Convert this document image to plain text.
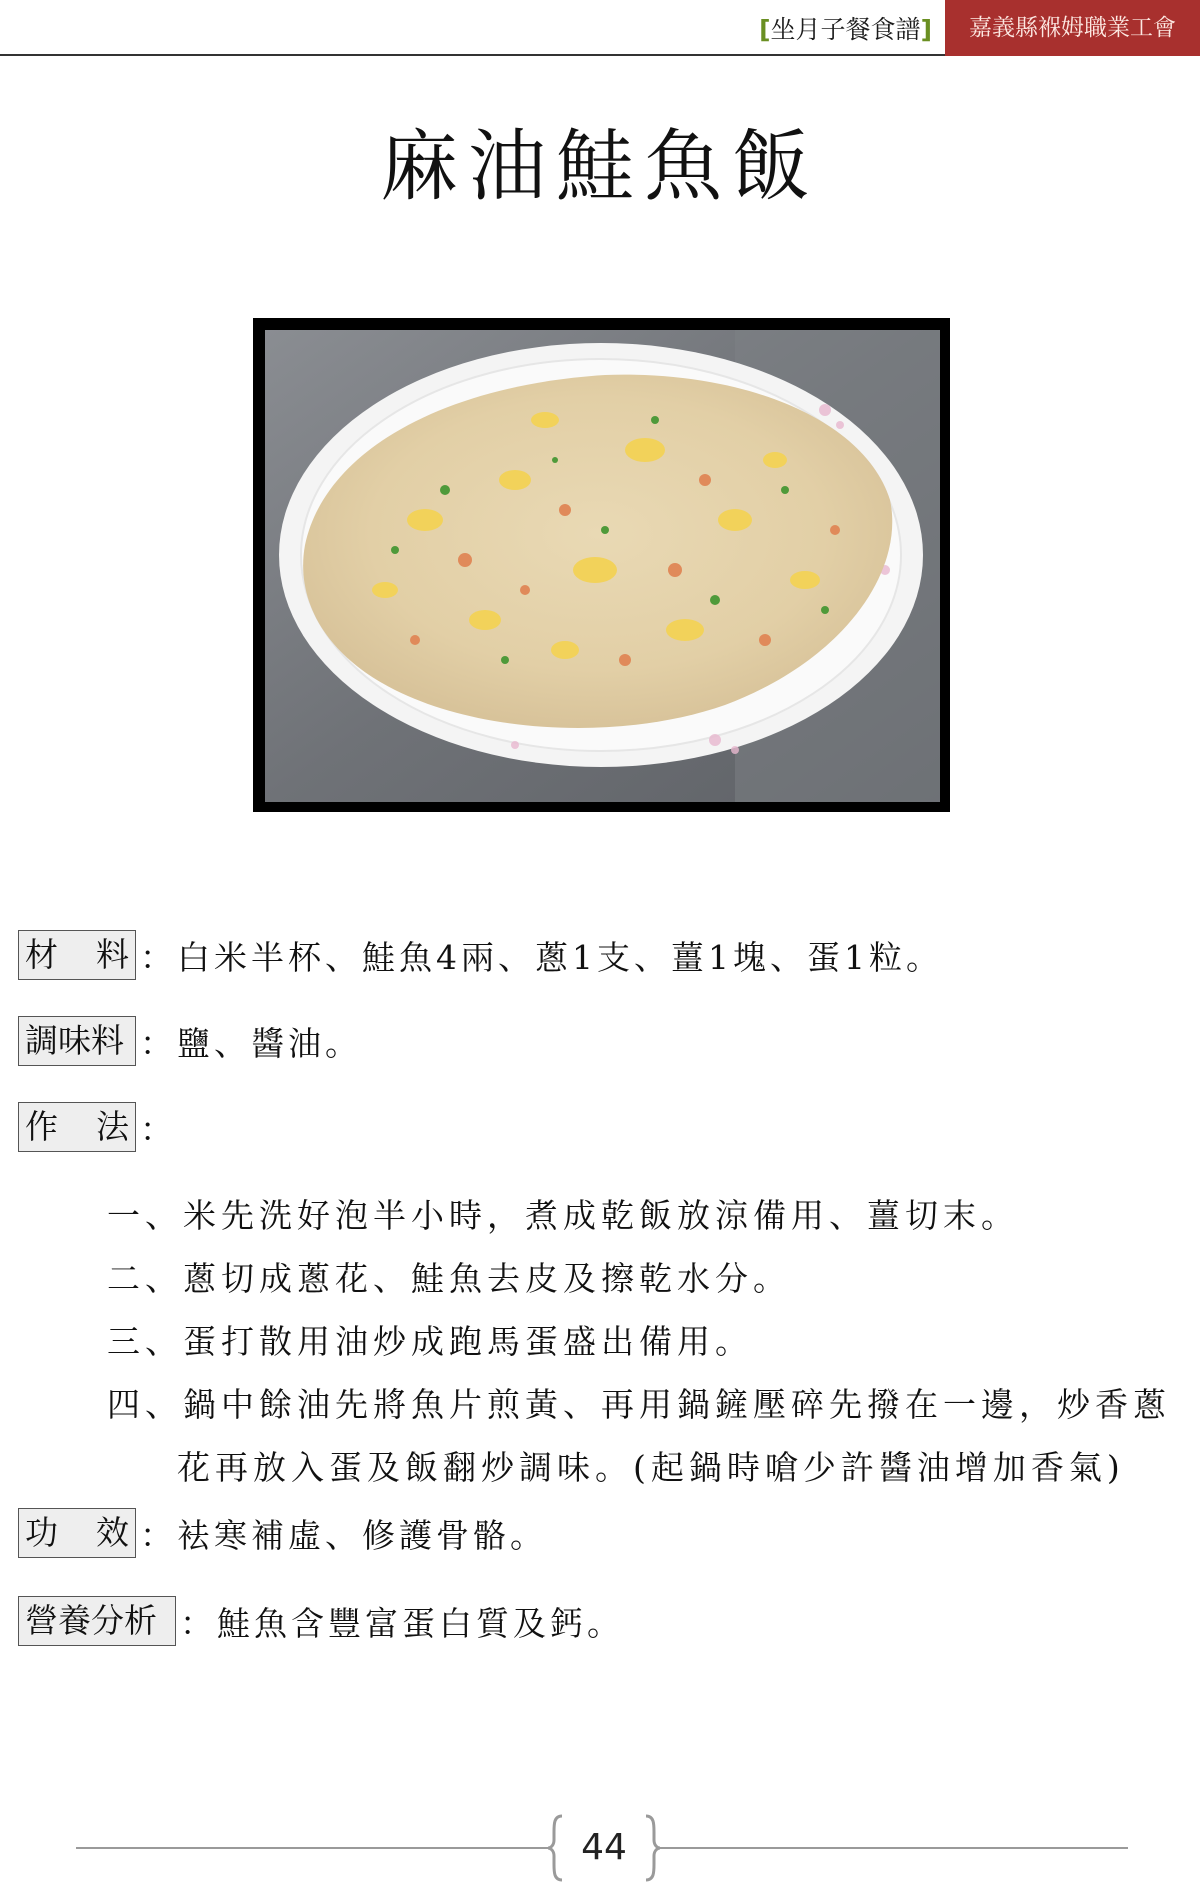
[坐月子餐食譜]	嘉義縣褓姆職業工會
麻油鮭魚飯
材 料 ： 白米半杯、鮭魚4兩、蔥1支、薑1塊、蛋1粒。
調味料 ： 鹽、醬油。
作 法 ：
一、米先洗好泡半小時，煮成乾飯放涼備用、薑切末。
二、蔥切成蔥花、鮭魚去皮及擦乾水分。
三、蛋打散用油炒成跑馬蛋盛出備用。
四、鍋中餘油先將魚片煎黃、再用鍋鏟壓碎先撥在一邊，炒香蔥
花再放入蛋及飯翻炒調味。(起鍋時嗆少許醬油增加香氣)
功 效 ： 袪寒補虛、修護骨骼。
營養分析 ： 鮭魚含豐富蛋白質及鈣。
44
